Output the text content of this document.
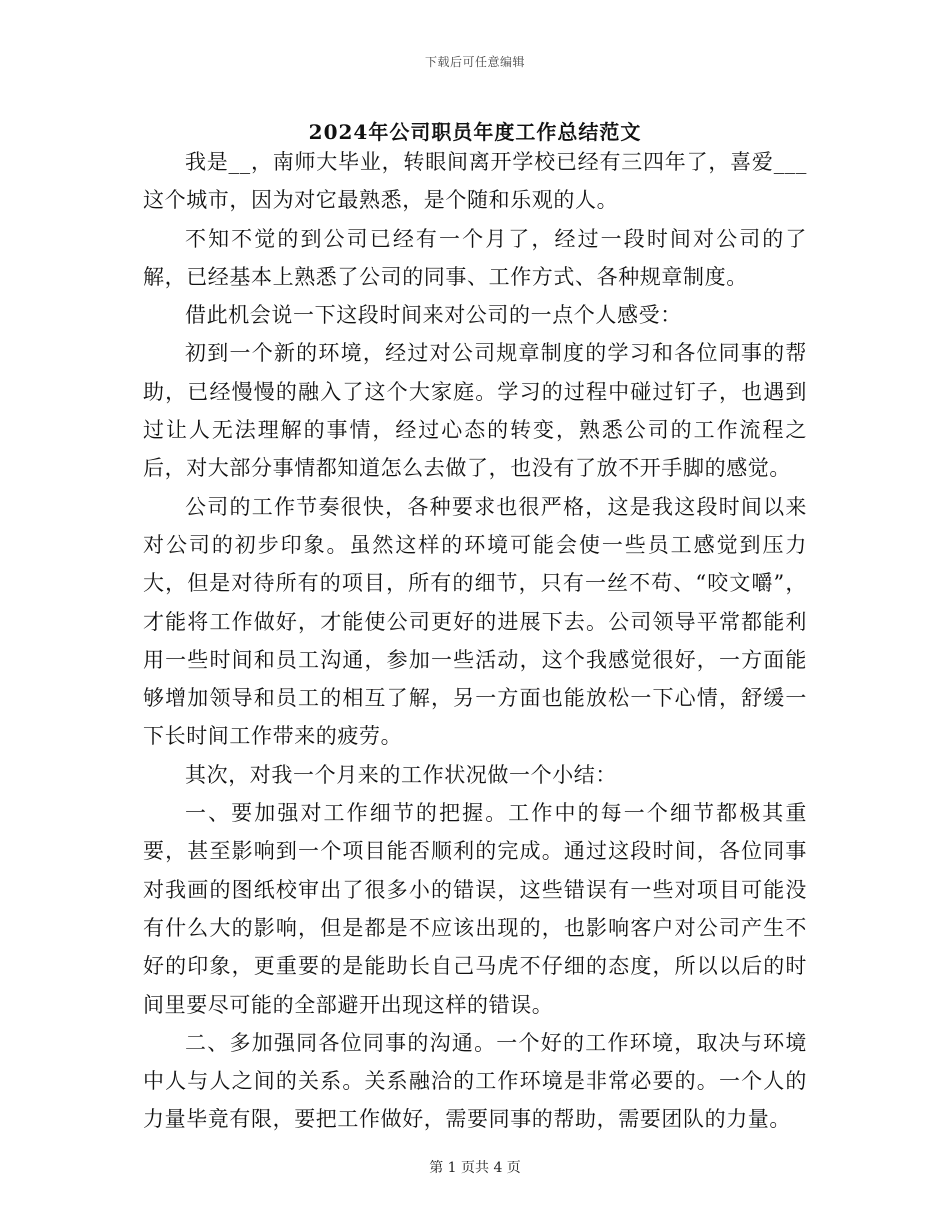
下载后可任意编辑
2024年公司职员年度工作总结范文

我是__，南师大毕业，转眼间离开学校已经有三四年了，喜爱___这个城市，因为对它最熟悉，是个随和乐观的人。

不知不觉的到公司已经有一个月了，经过一段时间对公司的了解，已经基本上熟悉了公司的同事、工作方式、各种规章制度。

借此机会说一下这段时间来对公司的一点个人感受：

初到一个新的环境，经过对公司规章制度的学习和各位同事的帮助，已经慢慢的融入了这个大家庭。学习的过程中碰过钉子，也遇到过让人无法理解的事情，经过心态的转变，熟悉公司的工作流程之后，对大部分事情都知道怎么去做了，也没有了放不开手脚的感觉。

公司的工作节奏很快，各种要求也很严格，这是我这段时间以来对公司的初步印象。虽然这样的环境可能会使一些员工感觉到压力大，但是对待所有的项目，所有的细节，只有一丝不苟、“咬文嚼”，才能将工作做好，才能使公司更好的进展下去。公司领导平常都能利用一些时间和员工沟通，参加一些活动，这个我感觉很好，一方面能够增加领导和员工的相互了解，另一方面也能放松一下心情，舒缓一下长时间工作带来的疲劳。

其次，对我一个月来的工作状况做一个小结：

一、要加强对工作细节的把握。工作中的每一个细节都极其重要，甚至影响到一个项目能否顺利的完成。通过这段时间，各位同事对我画的图纸校审出了很多小的错误，这些错误有一些对项目可能没有什么大的影响，但是都是不应该出现的，也影响客户对公司产生不好的印象，更重要的是能助长自己马虎不仔细的态度，所以以后的时间里要尽可能的全部避开出现这样的错误。

二、多加强同各位同事的沟通。一个好的工作环境，取决与环境中人与人之间的关系。关系融洽的工作环境是非常必要的。一个人的力量毕竟有限，要把工作做好，需要同事的帮助，需要团队的力量。

第 1 页共 4 页
